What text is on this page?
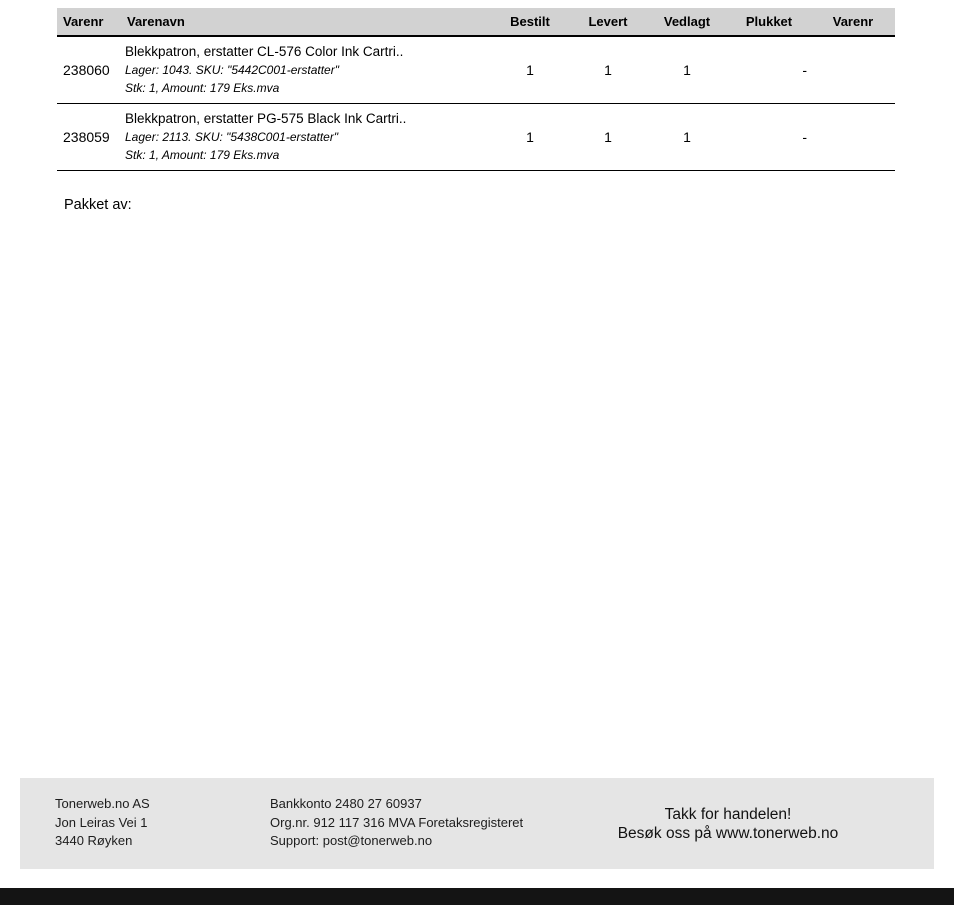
Varenr	Varenavn	Bestilt	Levert	Vedlagt	Plukket	Varenr
238060	Blekkpatron, erstatter CL-576 Color Ink Cartri..
Lager: 1043. SKU: "5442C001-erstatter"
Stk: 1, Amount: 179 Eks.mva	1	1	1	-	
238059	Blekkpatron, erstatter PG-575 Black Ink Cartri..
Lager: 2113. SKU: "5438C001-erstatter"
Stk: 1, Amount: 179 Eks.mva	1	1	1	-	
Pakket av:
Tonerweb.no AS
Jon Leiras Vei 1
3440 Røyken
Bankkonto 2480 27 60937
Org.nr. 912 117 316 MVA Foretaksregisteret
Support: post@tonerweb.no
Takk for handelen!
Besøk oss på www.tonerweb.no
